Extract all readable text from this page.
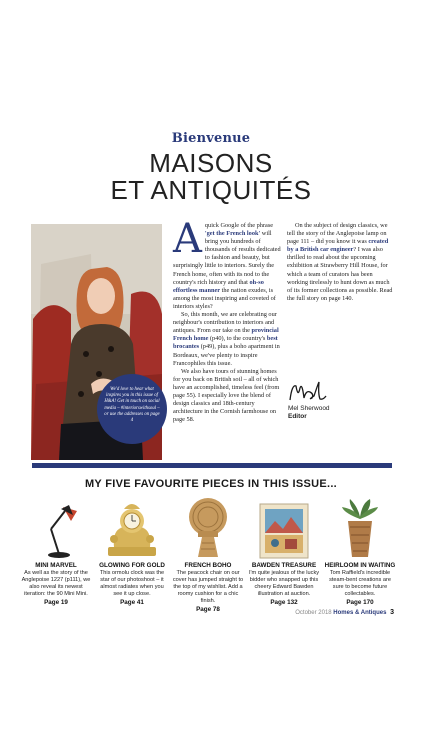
Bienvenue
MAISONS
ET ANTIQUITÉS
We'd love to hear what inspires you in this issue of H&A! Get in touch on social media – #interiorswithsoul – or use the addresses on page 4

Aquick Google of the phrase 'get the French look' will bring you hundreds of thousands of results dedicated to fashion and beauty, but surprisingly little to interiors. Surely the French home, often with its nod to the country's rich history and that oh-so effortless manner the nation exudes, is among the most inspiring and coveted of interiors styles?

So, this month, we are celebrating our neighbour's contribution to interiors and antiques. From our take on the provincial French home (p40), to the country's best brocantes (p49), plus a boho apartment in Bordeaux, we've plenty to inspire Francophiles this issue.

We also have tours of stunning homes for you back on British soil – all of which have an accomplished, timeless feel (from page 55). I especially love the blend of design classics and 18th-century architecture in the Cornish farmhouse on page 58.

On the subject of design classics, we tell the story of the Anglepoise lamp on page 111 – did you know it was created by a British car engineer? I was also thrilled to read about the upcoming exhibition at Strawberry Hill House, for which a team of curators has been working tirelessly to hunt down as much of its former collections as possible. Read the full story on page 140.

Mel Sherwood
Editor
MY FIVE FAVOURITE PIECES IN THIS ISSUE...
MINI MARVEL
As well as the story of the Anglepoise 1227 (p111), we also reveal its newest iteration: the 90 Mini Mini.
Page 19
GLOWING FOR GOLD
This ormolu clock was the star of our photoshoot – it almost radiates when you see it up close.
Page 41
FRENCH BOHO
The peacock chair on our cover has jumped straight to the top of my wishlist. Add a roomy cushion for a chic finish.
Page 78
BAWDEN TREASURE
I'm quite jealous of the lucky bidder who snapped up this cheery Edward Bawden illustration at auction.
Page 132
HEIRLOOM IN WAITING
Tom Raffield's incredible steam-bent creations are sure to become future collectables.
Page 170
October 2018 Homes & Antiques 3
